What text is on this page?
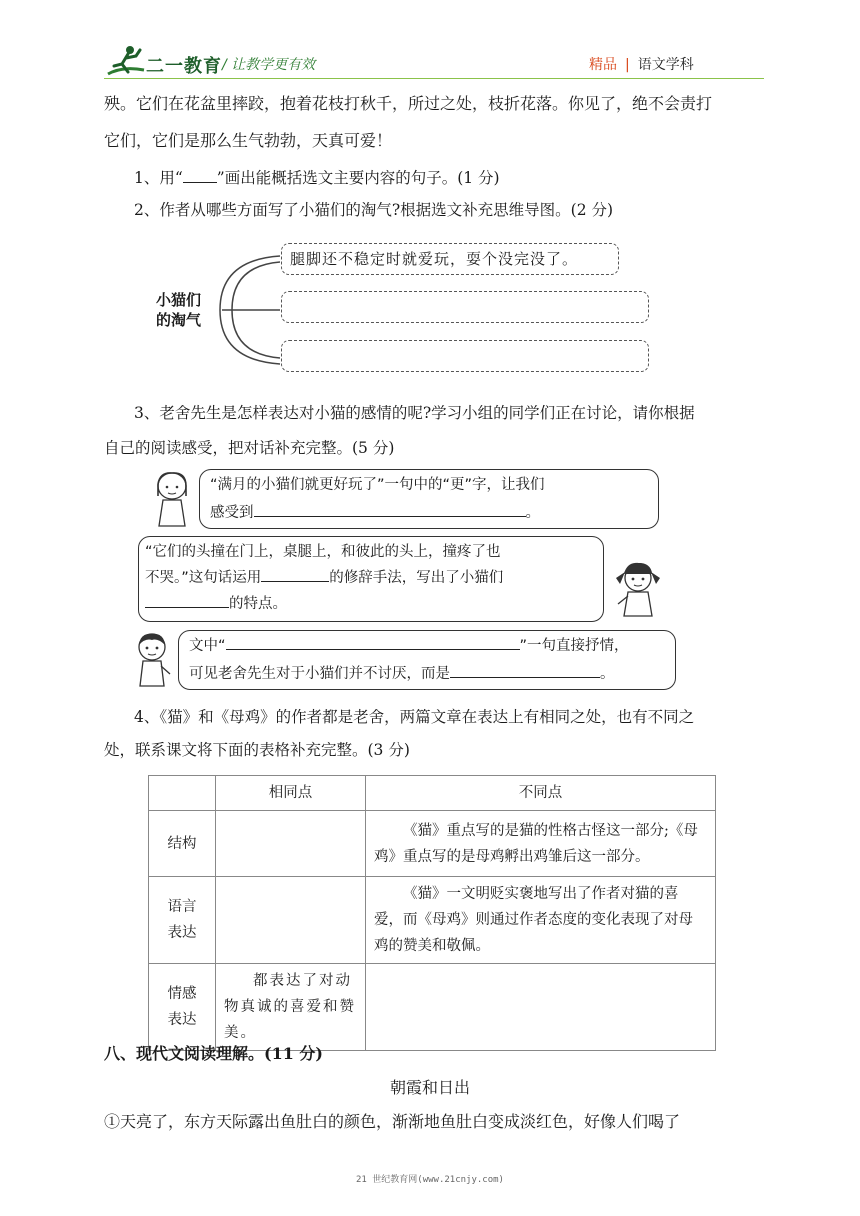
二一教育 / 让教学更有效	精品 | 语文学科
殃。它们在花盆里摔跤，抱着花枝打秋千，所过之处，枝折花落。你见了，绝不会责打
它们，它们是那么生气勃勃，天真可爱！
1、用“ ”画出能概括选文主要内容的句子。(1 分)
2、作者从哪些方面写了小猫们的淘气?根据选文补充思维导图。(2 分)
小猫们
的淘气
腿脚还不稳定时就爱玩，耍个没完没了。
3、老舍先生是怎样表达对小猫的感情的呢?学习小组的同学们正在讨论，请你根据
自己的阅读感受，把对话补充完整。(5 分)
“满月的小猫们就更好玩了”一句中的“更”字，让我们
感受到	。
“它们的头撞在门上，桌腿上，和彼此的头上，撞疼了也
不哭。”这句话运用	的修辞手法，写出了小猫们
的特点。
文中“	”一句直接抒情，
可见老舍先生对于小猫们并不讨厌，而是	。
4、《猫》和《母鸡》的作者都是老舍，两篇文章在表达上有相同之处，也有不同之
处，联系课文将下面的表格补充完整。(3 分)
	相同点	不同点
结构		《猫》重点写的是猫的性格古怪这一部分;《母鸡》重点写的是母鸡孵出鸡雏后这一部分。
语言表达		《猫》一文明贬实褒地写出了作者对猫的喜爱，而《母鸡》则通过作者态度的变化表现了对母鸡的赞美和敬佩。
情感表达	都表达了对动物真诚的喜爱和赞美。	
八、现代文阅读理解。(11 分)
朝霞和日出
①天亮了，东方天际露出鱼肚白的颜色，渐渐地鱼肚白变成淡红色，好像人们喝了
21 世纪教育网(www.21cnjy.com)
